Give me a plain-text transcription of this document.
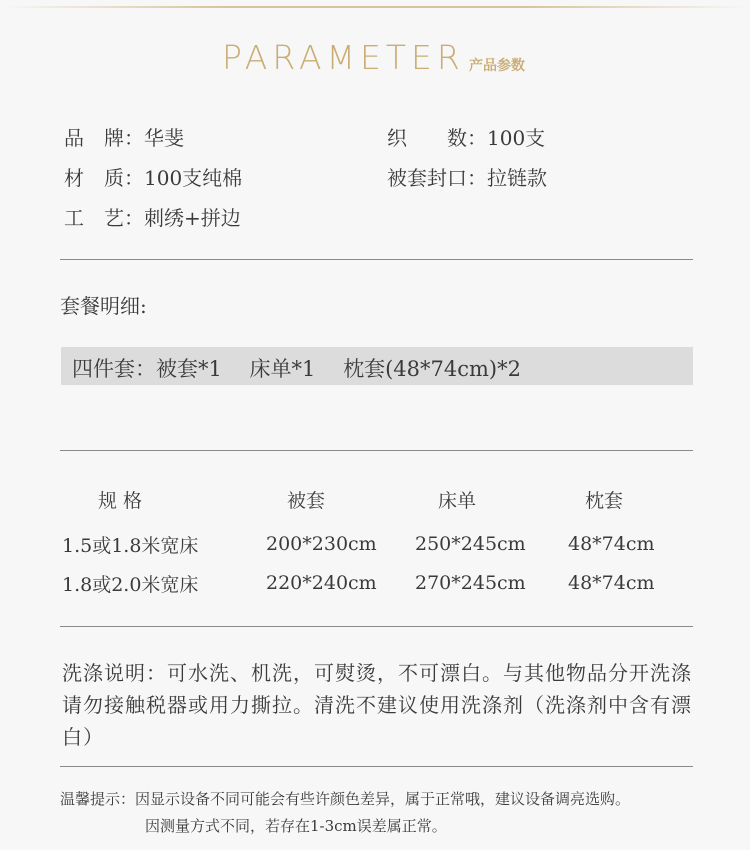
PARAMETER 产品参数
品　牌：华斐
材　质：100支纯棉
工　艺：刺绣+拼边
织　　数：100支
被套封口：拉链款
套餐明细:
四件套：被套*1　 床单*1　 枕套(48*74cm)*2
规 格	被套	床单	枕套
1.5或1.8米宽床	200*230cm 250*245cm 48*74cm
1.8或2.0米宽床	220*240cm 270*245cm 48*74cm
洗涤说明：可水洗、机洗，可熨烫，不可漂白。与其他物品分开洗涤请勿接触税器或用力撕拉。清洗不建议使用洗涤剂（洗涤剂中含有漂白）
温馨提示：因显示设备不同可能会有些许颜色差异，属于正常哦，建议设备调亮选购。
因测量方式不同，若存在1-3cm误差属正常。
